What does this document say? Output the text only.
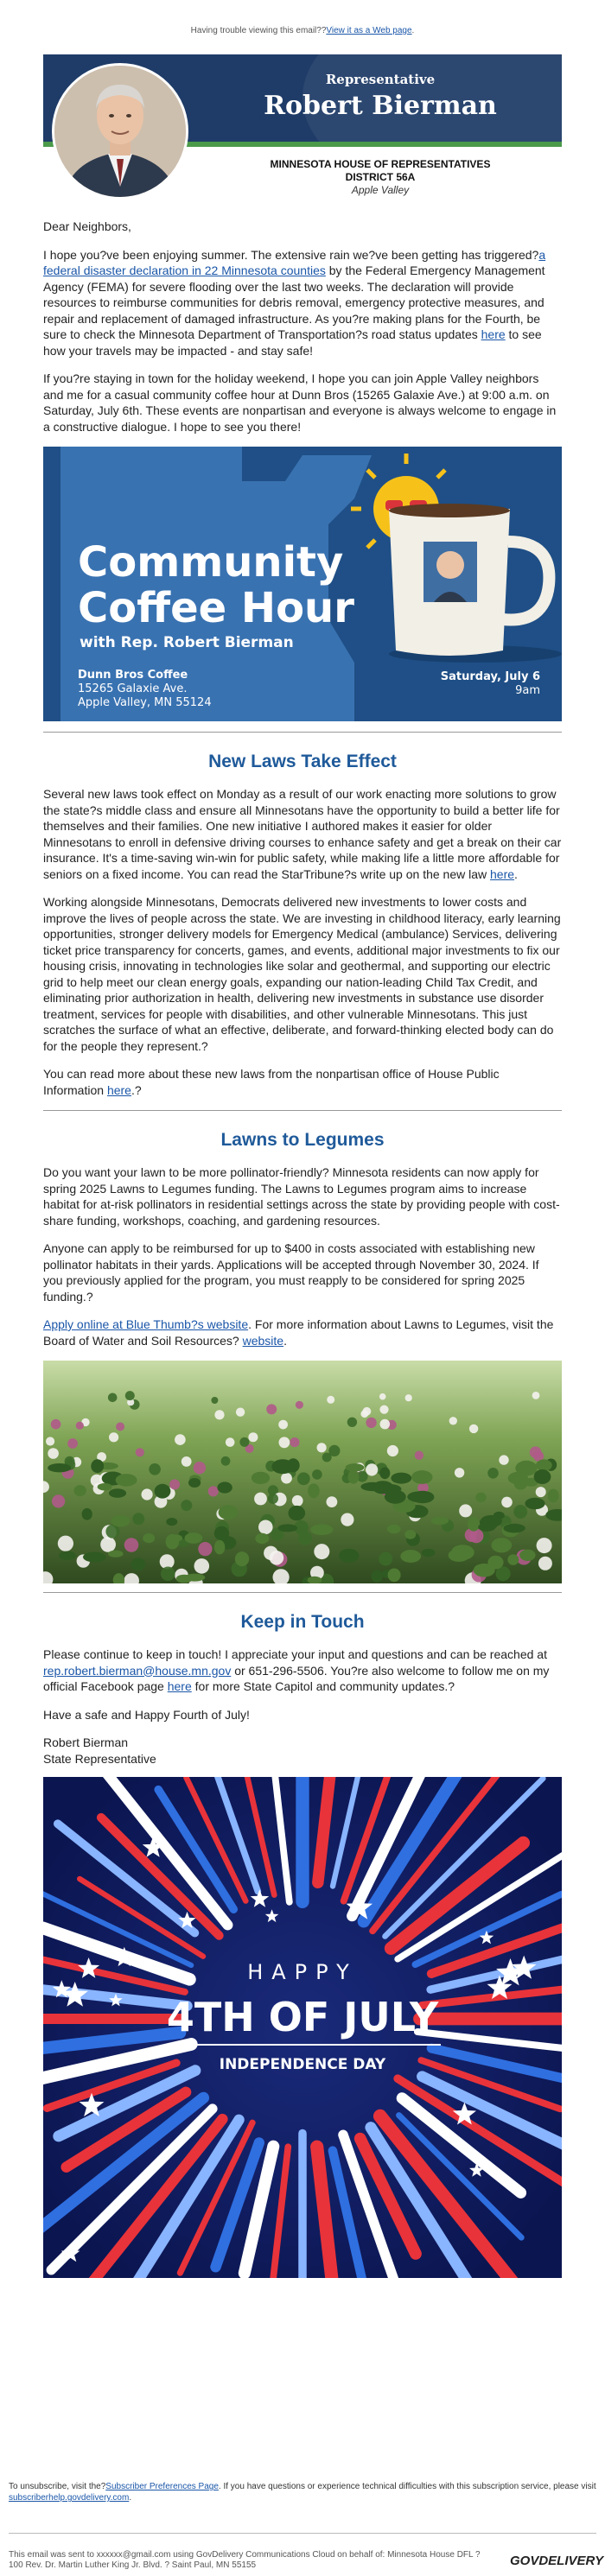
Having trouble viewing this email??View it as a Web page.
Representative
Robert Bierman
MINNESOTA HOUSE OF REPRESENTATIVES
DISTRICT 56A
Apple Valley

Dear Neighbors,

I hope you?ve been enjoying summer. The extensive rain we?ve been getting has triggered?a federal disaster declaration in 22 Minnesota counties by the Federal Emergency Management Agency (FEMA) for severe flooding over the last two weeks. The declaration will provide resources to reimburse communities for debris removal, emergency protective measures, and repair and replacement of damaged infrastructure. As you?re making plans for the Fourth, be sure to check the Minnesota Department of Transportation?s road status updates here to see how your travels may be impacted - and stay safe!

If you?re staying in town for the holiday weekend, I hope you can join Apple Valley neighbors and me for a casual community coffee hour at Dunn Bros (15265 Galaxie Ave.) at 9:00 a.m. on Saturday, July 6th. These events are nonpartisan and everyone is always welcome to engage in a constructive dialogue. I hope to see you there!

Community
Coffee Hour
with Rep. Robert Bierman
Dunn Bros Coffee
15265 Galaxie Ave.
Apple Valley, MN 55124
Saturday, July 6
9am
New Laws Take Effect

Several new laws took effect on Monday as a result of our work enacting more solutions to grow the state?s middle class and ensure all Minnesotans have the opportunity to build a better life for themselves and their families. One new initiative I authored makes it easier for older Minnesotans to enroll in defensive driving courses to enhance safety and get a break on their car insurance. It's a time-saving win-win for public safety, while making life a little more affordable for seniors on a fixed income. You can read the StarTribune?s write up on the new law here.

Working alongside Minnesotans, Democrats delivered new investments to lower costs and improve the lives of people across the state. We are investing in childhood literacy, early learning opportunities, stronger delivery models for Emergency Medical (ambulance) Services, delivering ticket price transparency for concerts, games, and events, additional major investments to fix our housing crisis, innovating in technologies like solar and geothermal, and supporting our electric grid to help meet our clean energy goals, expanding our nation-leading Child Tax Credit, and eliminating prior authorization in health, delivering new investments in substance use disorder treatment, services for people with disabilities, and other vulnerable Minnesotans. This just scratches the surface of what an effective, deliberate, and forward-thinking elected body can do for the people they represent.?

You can read more about these new laws from the nonpartisan office of House Public Information here.?

Lawns to Legumes

Do you want your lawn to be more pollinator-friendly? Minnesota residents can now apply for spring 2025 Lawns to Legumes funding. The Lawns to Legumes program aims to increase habitat for at-risk pollinators in residential settings across the state by providing people with cost-share funding, workshops, coaching, and gardening resources.

Anyone can apply to be reimbursed for up to $400 in costs associated with establishing new pollinator habitats in their yards. Applications will be accepted through November 30, 2024. If you previously applied for the program, you must reapply to be considered for spring 2025 funding.?

Apply online at Blue Thumb?s website. For more information about Lawns to Legumes, visit the Board of Water and Soil Resources? website.

Keep in Touch

Please continue to keep in touch! I appreciate your input and questions and can be reached at rep.robert.bierman@house.mn.gov or 651-296-5506. You?re also welcome to follow me on my official Facebook page here for more State Capitol and community updates.?

Have a safe and Happy Fourth of July!

Robert Bierman
State Representative

HAPPY
4TH OF JULY
INDEPENDENCE DAY
To unsubscribe, visit the?Subscriber Preferences Page. If you have questions or experience technical difficulties with this subscription service, please visit subscriberhelp.govdelivery.com.
This email was sent to xxxxxx@gmail.com using GovDelivery Communications Cloud on behalf of: Minnesota House DFL ? 100 Rev. Dr. Martin Luther King Jr. Blvd. ? Saint Paul, MN 55155	GOVDELIVERY
